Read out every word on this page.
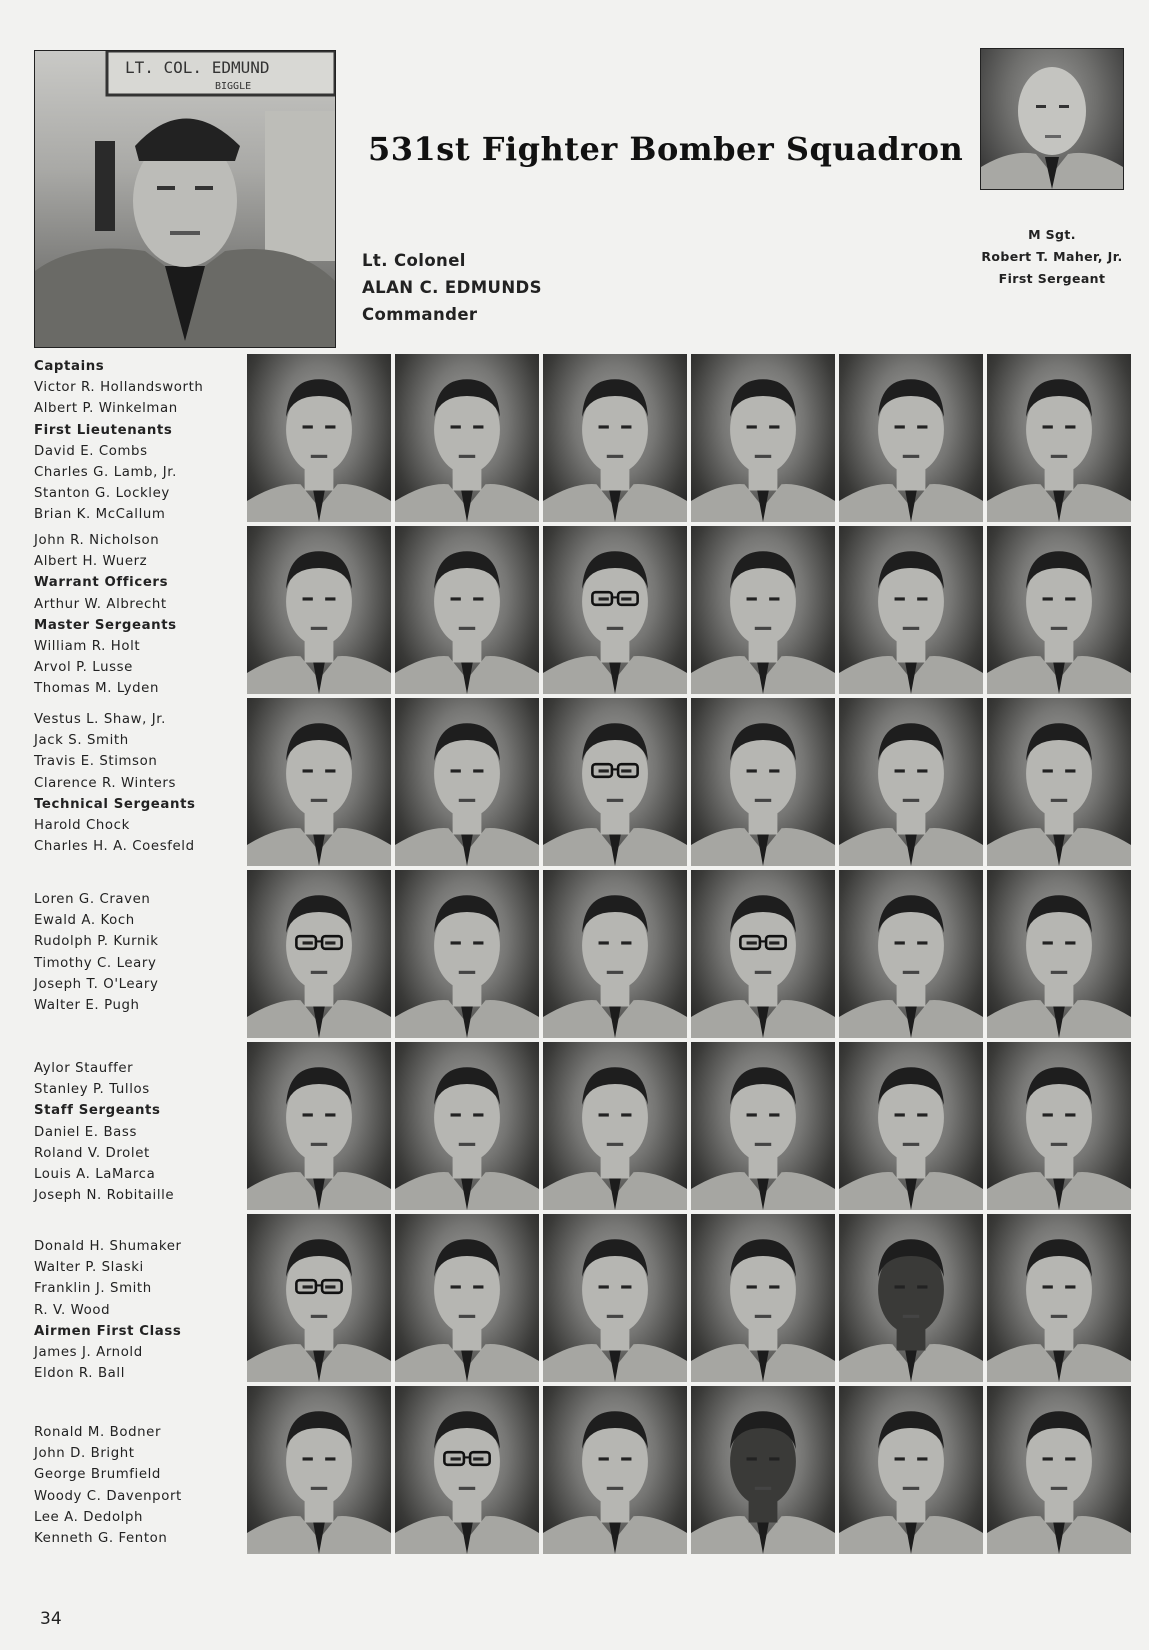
LT. COL. EDMUND
BIGGLE
531st Fighter Bomber Squadron
Lt. Colonel
ALAN C. EDMUNDS
Commander
M Sgt.
Robert T. Maher, Jr.
First Sergeant
Captains
Victor R. Hollandsworth
Albert P. Winkelman
First Lieutenants
David E. Combs
Charles G. Lamb, Jr.
Stanton G. Lockley
Brian K. McCallum
John R. Nicholson
Albert H. Wuerz
Warrant Officers
Arthur W. Albrecht
Master Sergeants
William R. Holt
Arvol P. Lusse
Thomas M. Lyden
Vestus L. Shaw, Jr.
Jack S. Smith
Travis E. Stimson
Clarence R. Winters
Technical Sergeants
Harold Chock
Charles H. A. Coesfeld
Loren G. Craven
Ewald A. Koch
Rudolph P. Kurnik
Timothy C. Leary
Joseph T. O'Leary
Walter E. Pugh
Aylor Stauffer
Stanley P. Tullos
Staff Sergeants
Daniel E. Bass
Roland V. Drolet
Louis A. LaMarca
Joseph N. Robitaille
Donald H. Shumaker
Walter P. Slaski
Franklin J. Smith
R. V. Wood
Airmen First Class
James J. Arnold
Eldon R. Ball
Ronald M. Bodner
John D. Bright
George Brumfield
Woody C. Davenport
Lee A. Dedolph
Kenneth G. Fenton
34
